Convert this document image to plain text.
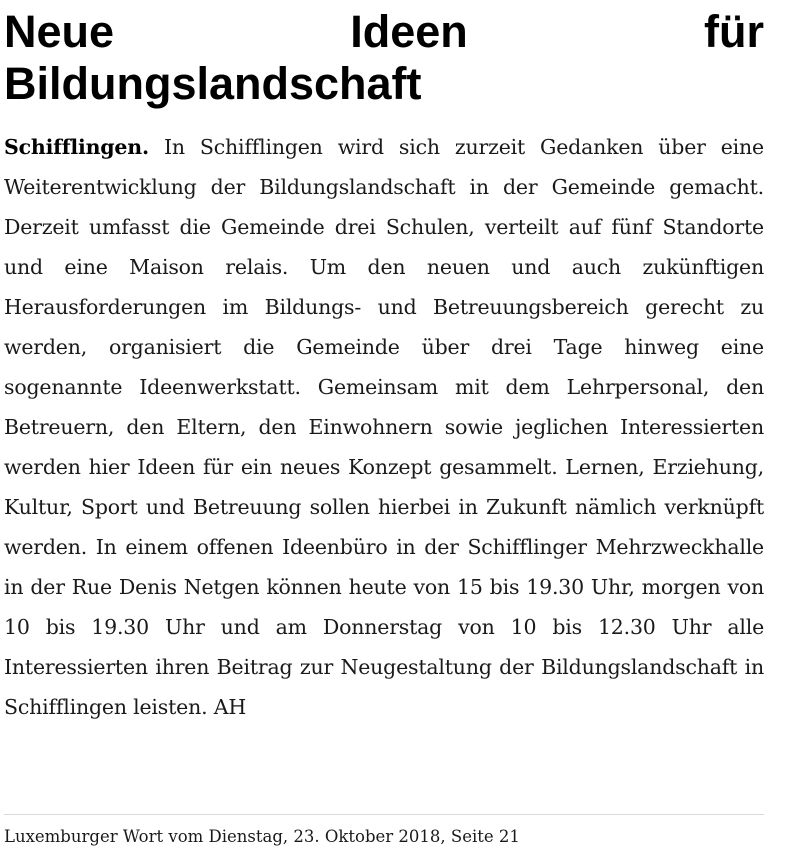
Neue	Ideen	für
Bildungslandschaft

Schifflingen. In Schifflingen wird sich zurzeit Gedanken über eine Weiterentwicklung der Bildungslandschaft in der Gemeinde gemacht. Derzeit umfasst die Gemeinde drei Schulen, verteilt auf fünf Standorte und eine Maison relais. Um den neuen und auch zukünftigen Herausforderungen im Bildungs- und Betreuungsbereich gerecht zu werden, organisiert die Gemeinde über drei Tage hinweg eine sogenannte Ideenwerkstatt. Gemeinsam mit dem Lehrpersonal, den Betreuern, den Eltern, den Einwohnern sowie jeglichen Interessierten werden hier Ideen für ein neues Konzept gesammelt. Lernen, Erziehung, Kultur, Sport und Betreuung sollen hierbei in Zukunft nämlich verknüpft werden. In einem offenen Ideenbüro in der Schifflinger Mehrzweckhalle in der Rue Denis Netgen können heute von 15 bis 19.30 Uhr, morgen von 10 bis 19.30 Uhr und am Donnerstag von 10 bis 12.30 Uhr alle Interessierten ihren Beitrag zur Neugestaltung der Bildungslandschaft in Schifflingen leisten. AH

Luxemburger Wort vom Dienstag, 23. Oktober 2018, Seite 21
